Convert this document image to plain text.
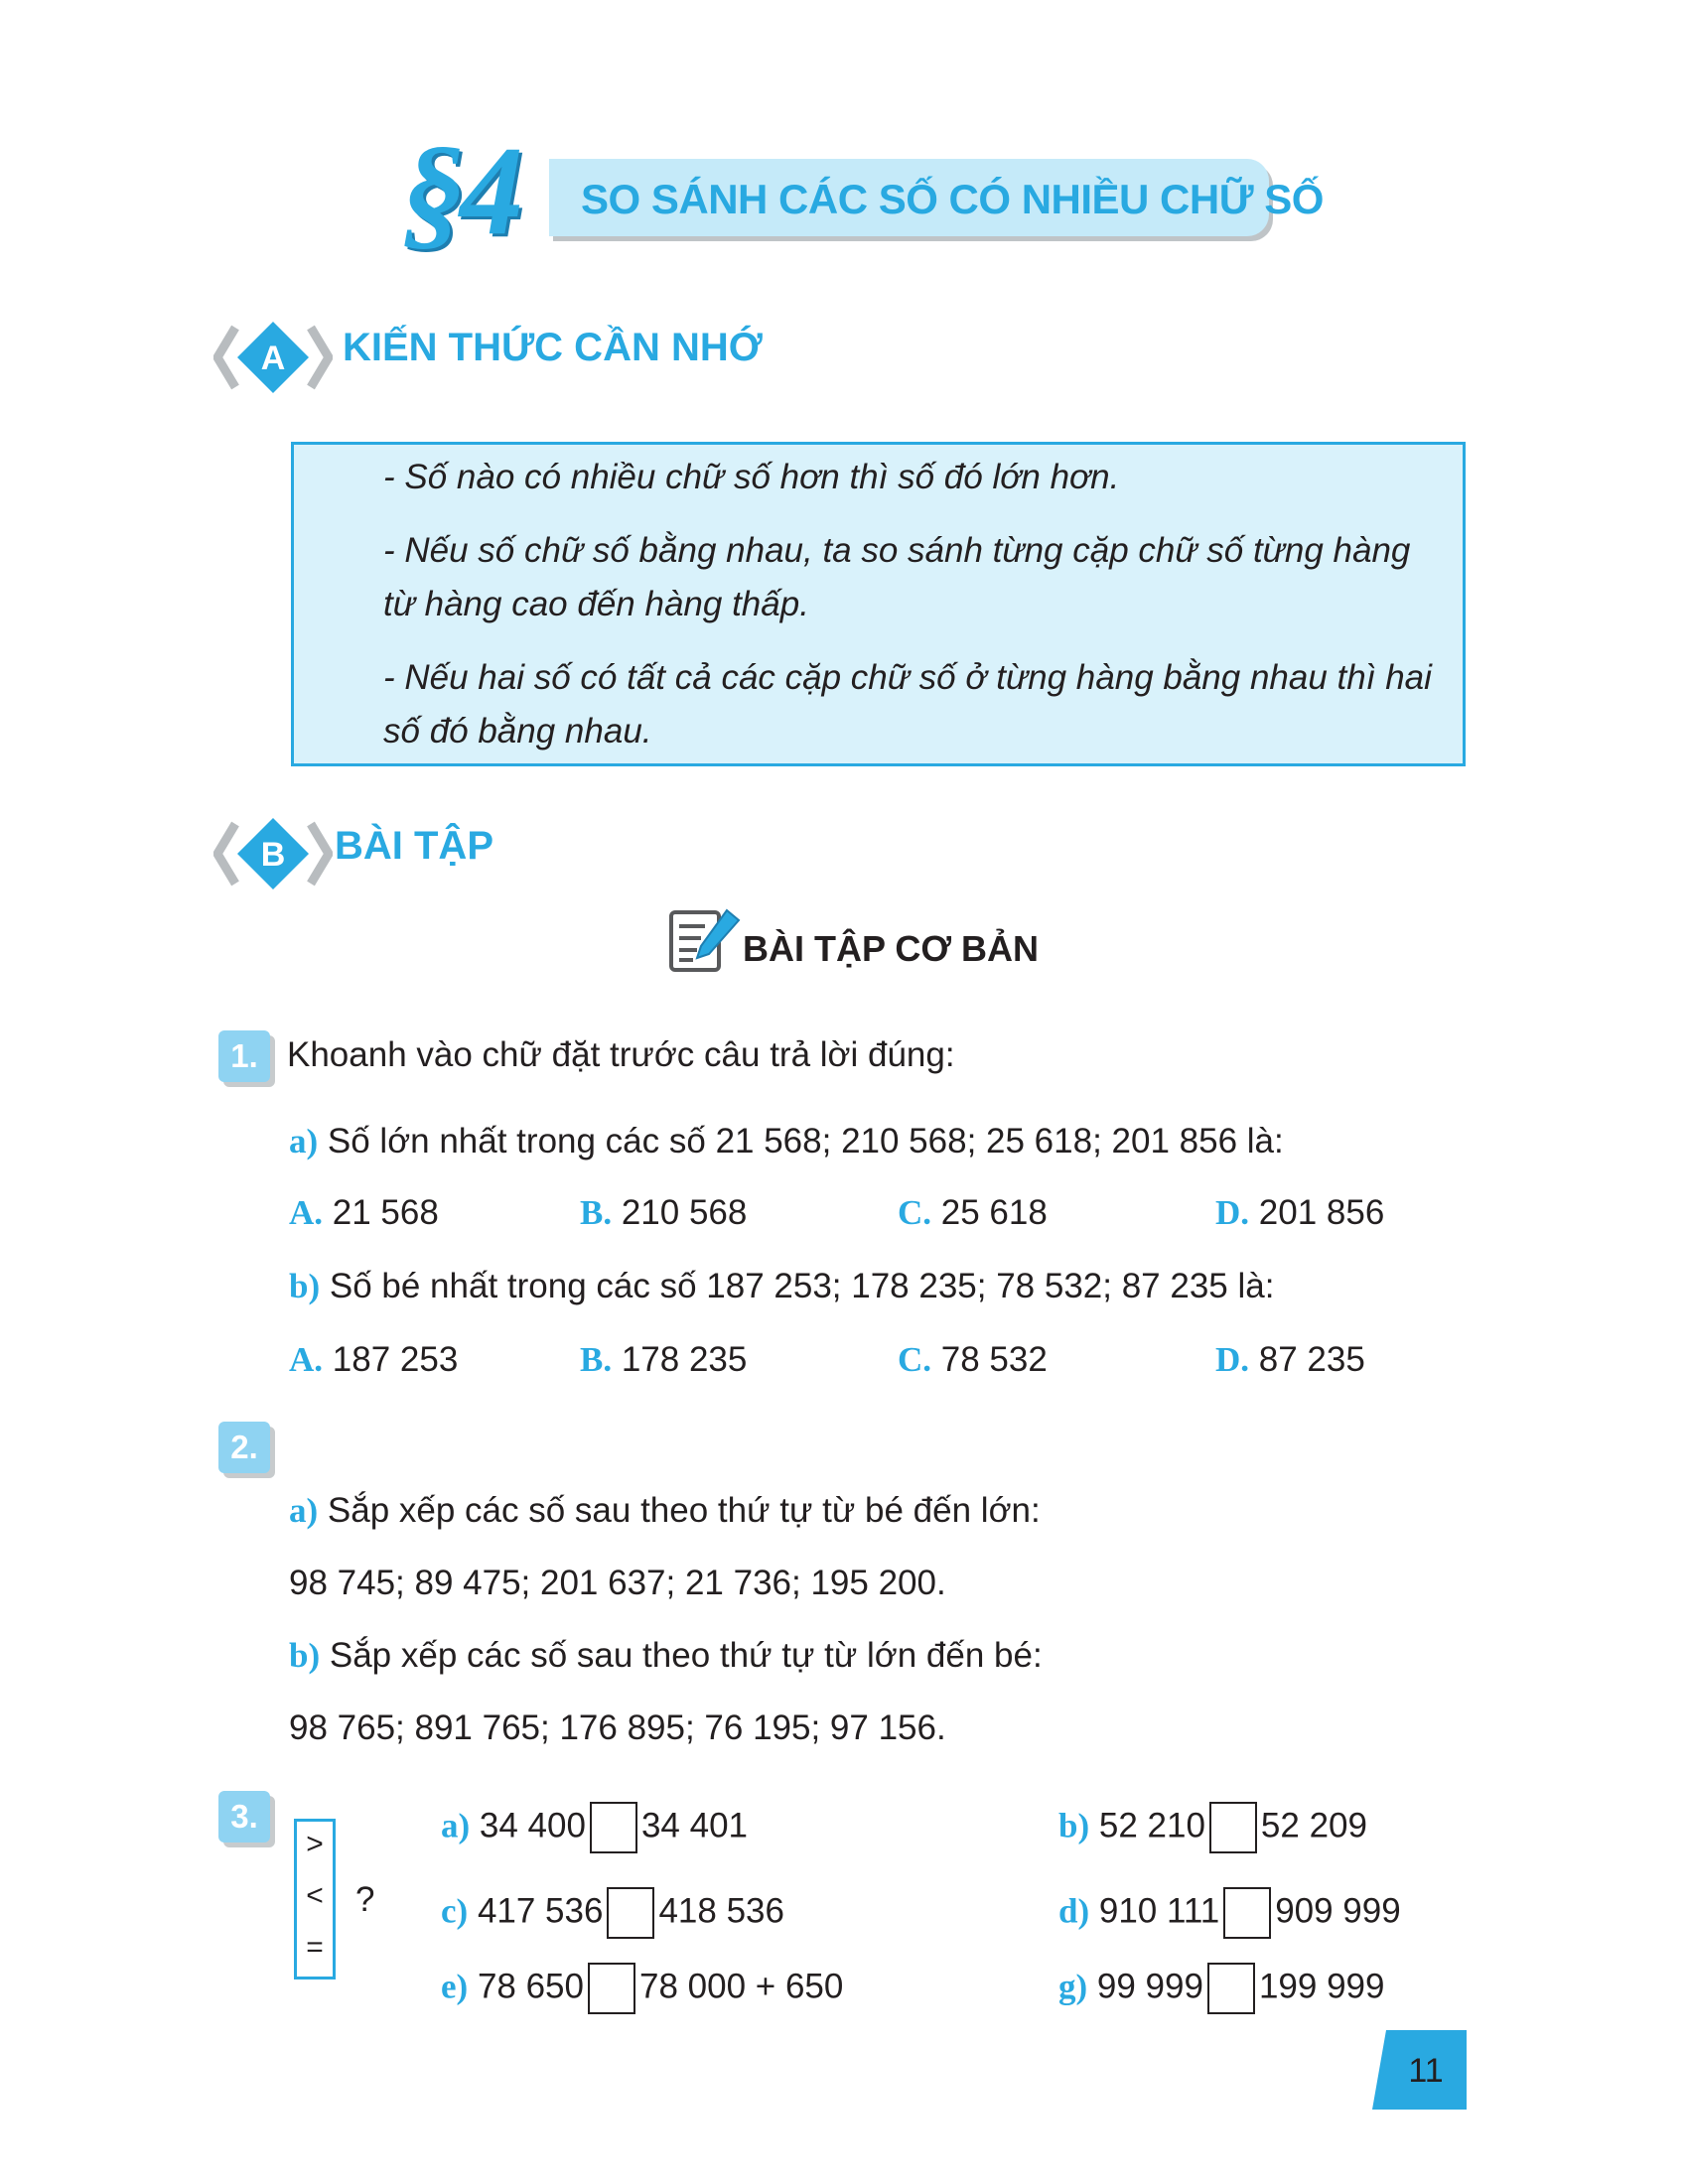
§4 SO SÁNH CÁC SỐ CÓ NHIỀU CHỮ SỐ
A KIẾN THỨC CẦN NHỚ
- Số nào có nhiều chữ số hơn thì số đó lớn hơn.
- Nếu số chữ số bằng nhau, ta so sánh từng cặp chữ số từng hàng từ hàng cao đến hàng thấp.
- Nếu hai số có tất cả các cặp chữ số ở từng hàng bằng nhau thì hai số đó bằng nhau.
B BÀI TẬP
BÀI TẬP CƠ BẢN
1. Khoanh vào chữ đặt trước câu trả lời đúng:
a) Số lớn nhất trong các số 21 568; 210 568; 25 618; 201 856 là:
A. 21 568	B. 210 568	C. 25 618	D. 201 856
b) Số bé nhất trong các số 187 253; 178 235; 78 532; 87 235 là:
A. 187 253	B. 178 235	C. 78 532	D. 87 235
2.
a) Sắp xếp các số sau theo thứ tự từ bé đến lớn:
98 745; 89 475; 201 637; 21 736; 195 200.
b) Sắp xếp các số sau theo thứ tự từ lớn đến bé:
98 765; 891 765; 176 895; 76 195; 97 156.
3.
>
<
=
?
a) 34 400 34 401	b) 52 210 52 209
c) 417 536 418 536	d) 910 111 909 999
e) 78 650 78 000 + 650	g) 99 999 199 999
11
